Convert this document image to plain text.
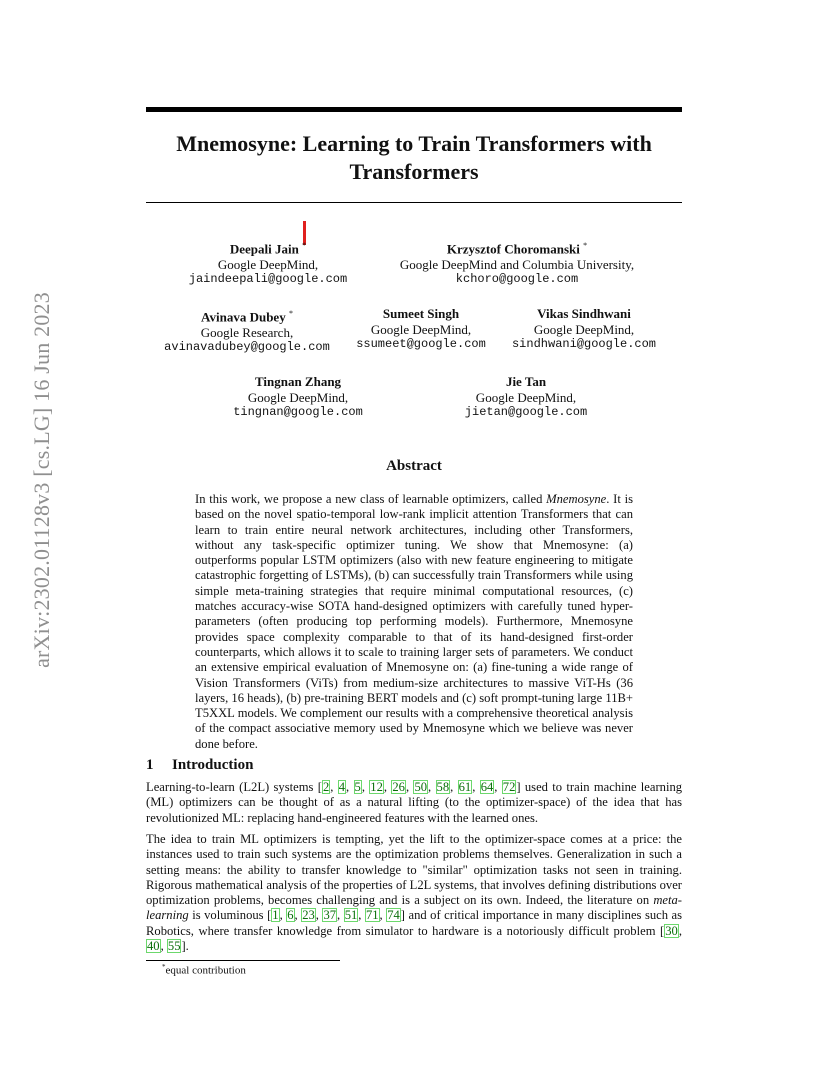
arXiv:2302.01128v3 [cs.LG] 16 Jun 2023
Mnemosyne: Learning to Train Transformers with
Transformers
Deepali Jain *
Google DeepMind,
jaindeepali@google.com
Krzysztof Choromanski *
Google DeepMind and Columbia University,
kchoro@google.com
Avinava Dubey *
Google Research,
avinavadubey@google.com
Sumeet Singh
Google DeepMind,
ssumeet@google.com
Vikas Sindhwani
Google DeepMind,
sindhwani@google.com
Tingnan Zhang
Google DeepMind,
tingnan@google.com
Jie Tan
Google DeepMind,
jietan@google.com
Abstract
In this work, we propose a new class of learnable optimizers, called Mnemosyne. It is based on the novel spatio-temporal low-rank implicit attention Transformers that can learn to train entire neural network architectures, including other Transformers, without any task-specific optimizer tuning. We show that Mnemosyne: (a) outperforms popular LSTM optimizers (also with new feature engineering to mitigate catastrophic forgetting of LSTMs), (b) can successfully train Transformers while using simple meta-training strategies that require minimal computational resources, (c) matches accuracy-wise SOTA hand-designed optimizers with carefully tuned hyper-parameters (often producing top performing models). Furthermore, Mnemosyne provides space complexity comparable to that of its hand-designed first-order counterparts, which allows it to scale to training larger sets of parameters. We conduct an extensive empirical evaluation of Mnemosyne on: (a) fine-tuning a wide range of Vision Transformers (ViTs) from medium-size architectures to massive ViT-Hs (36 layers, 16 heads), (b) pre-training BERT models and (c) soft prompt-tuning large 11B+ T5XXL models. We complement our results with a comprehensive theoretical analysis of the compact associative memory used by Mnemosyne which we believe was never done before.
1 Introduction
Learning-to-learn (L2L) systems [2, 4, 5, 12, 26, 50, 58, 61, 64, 72] used to train machine learning (ML) optimizers can be thought of as a natural lifting (to the optimizer-space) of the idea that has revolutionized ML: replacing hand-engineered features with the learned ones.
The idea to train ML optimizers is tempting, yet the lift to the optimizer-space comes at a price: the instances used to train such systems are the optimization problems themselves. Generalization in such a setting means: the ability to transfer knowledge to "similar" optimization tasks not seen in training. Rigorous mathematical analysis of the properties of L2L systems, that involves defining distributions over optimization problems, becomes challenging and is a subject on its own. Indeed, the literature on meta-learning is voluminous [1, 6, 23, 37, 51, 71, 74] and of critical importance in many disciplines such as Robotics, where transfer knowledge from simulator to hardware is a notoriously difficult problem [30, 40, 55].
*equal contribution
